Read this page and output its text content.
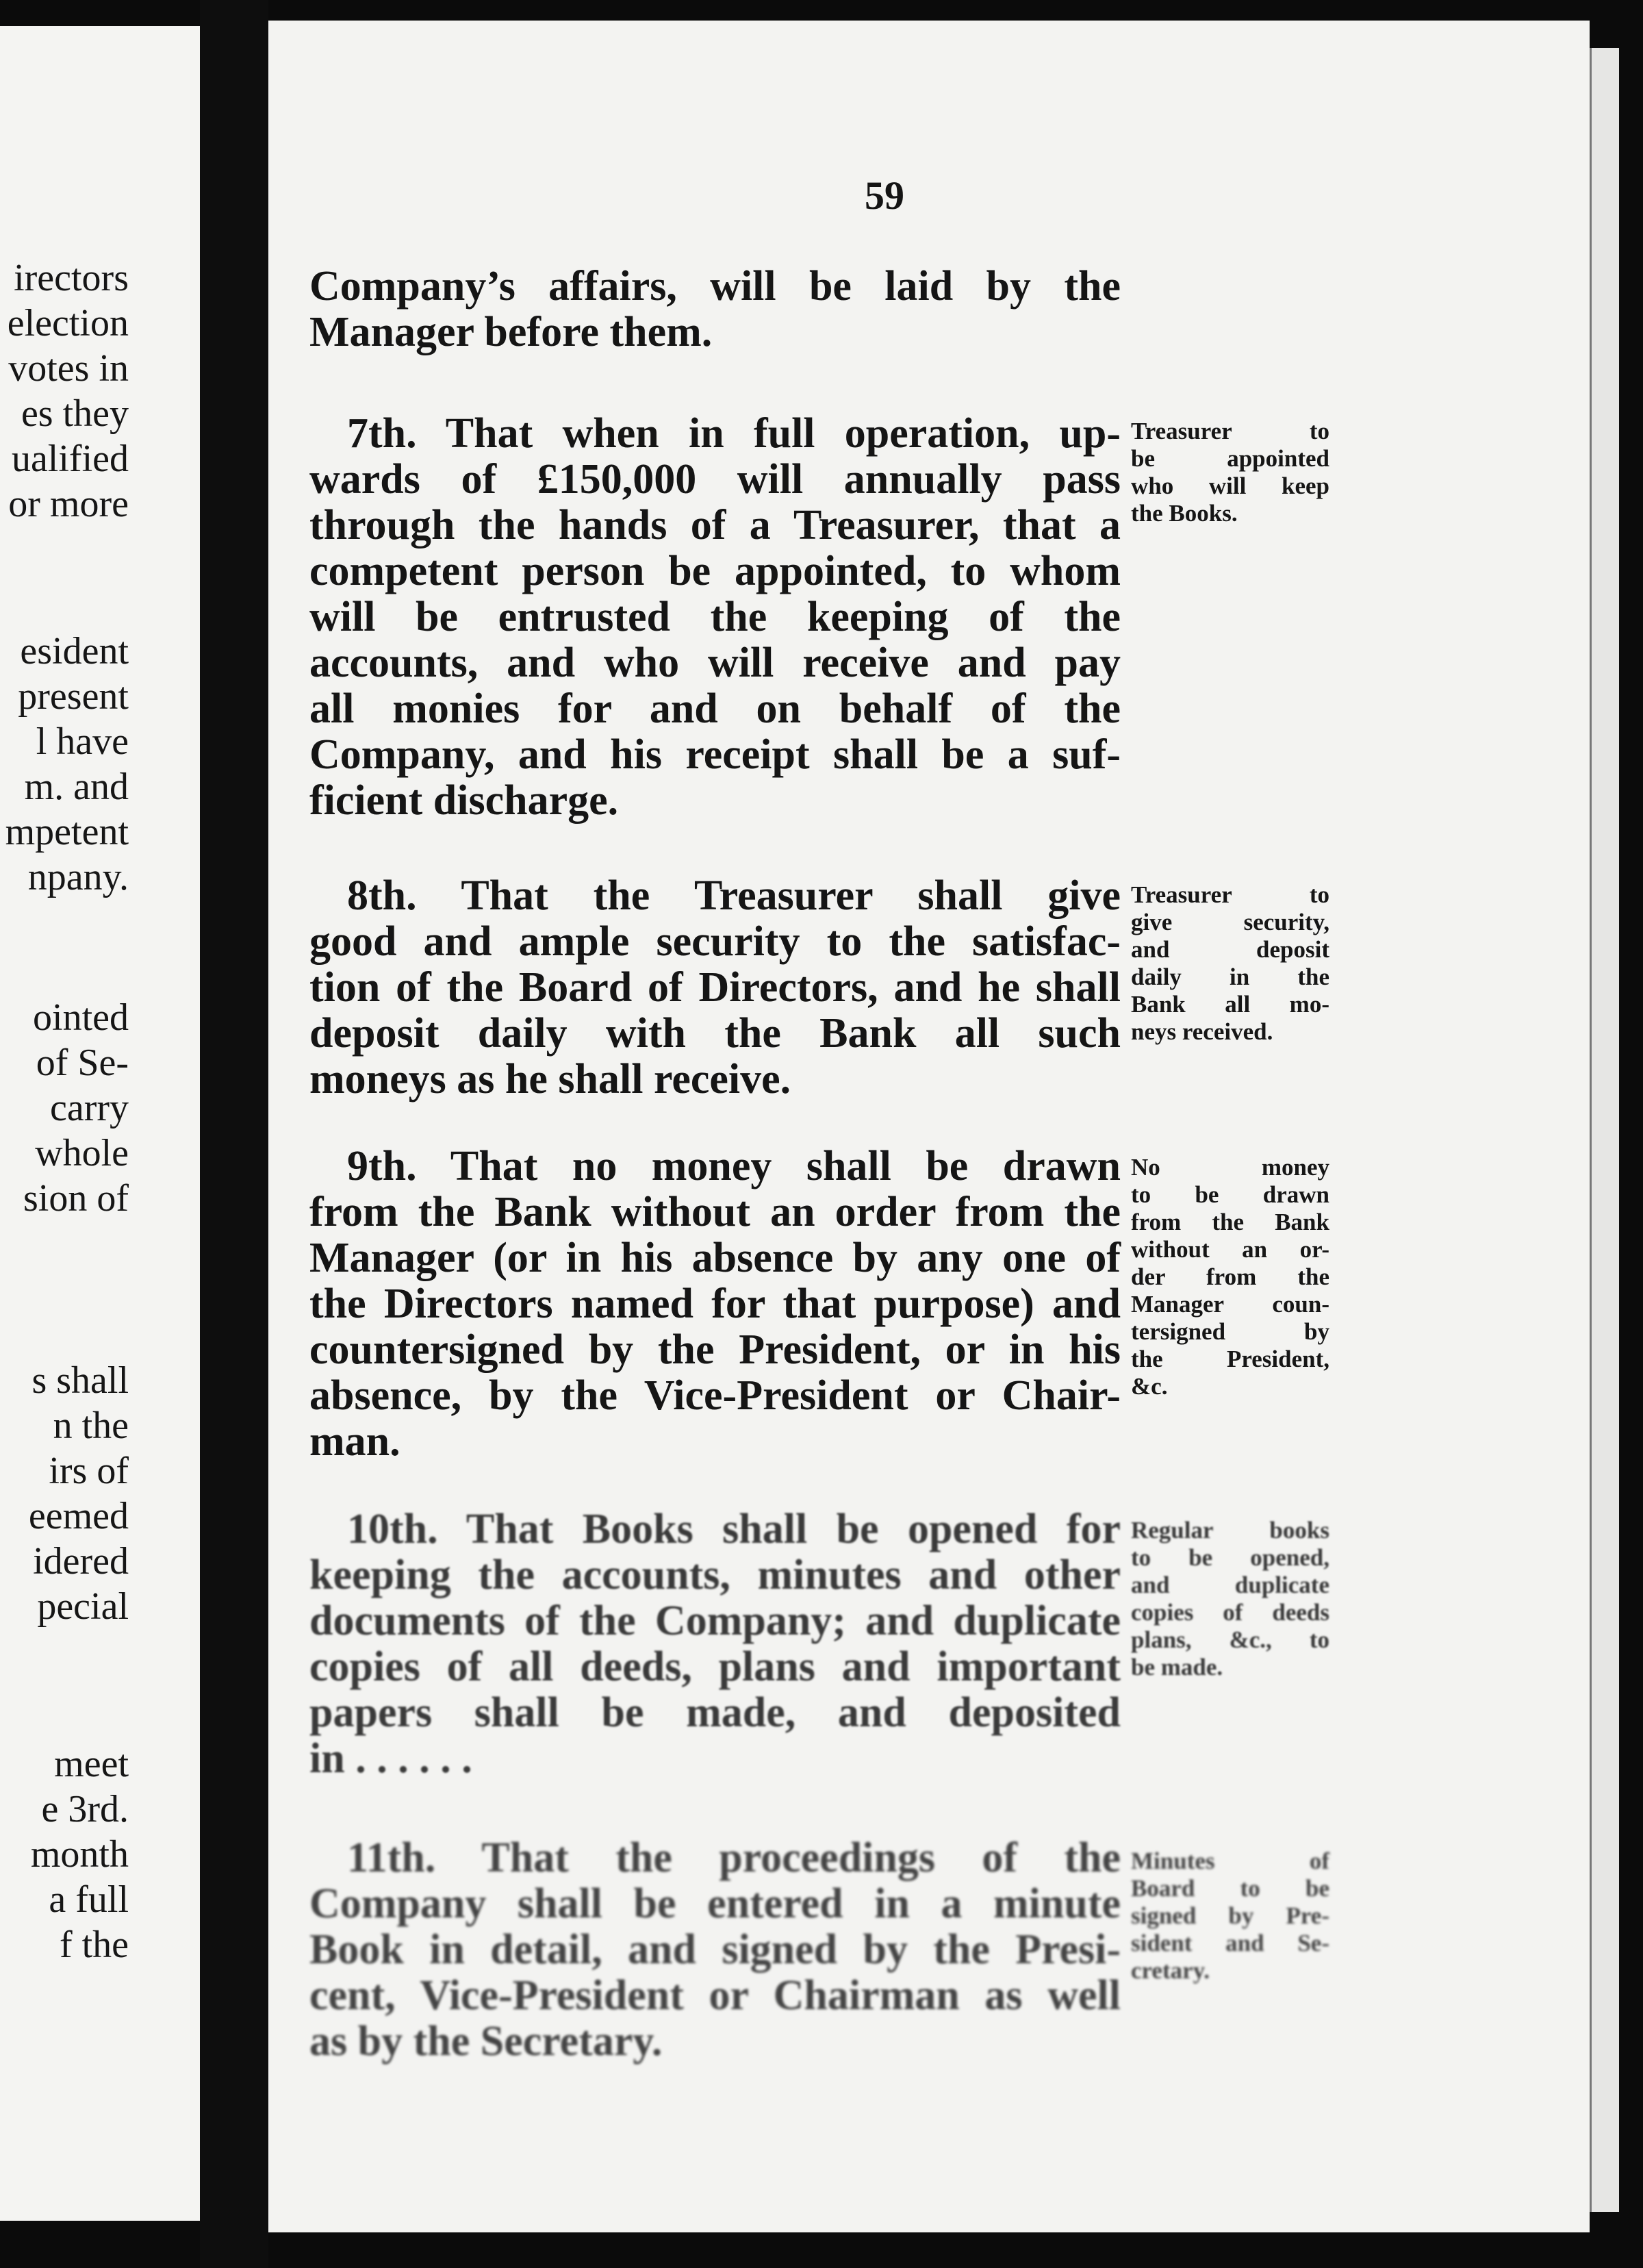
irectors
election
votes in
es they
ualified
or more
esident
present
l have
m. and
mpetent
npany.
ointed
of Se-
carry
whole
sion of
s shall
n the
irs of
eemed
idered
pecial
meet
e 3rd.
month
a full
f the
59
Company’s affairs, will be laid by the
Manager before them.
7th. That when in full operation, up-
wards of £150,000 will annually pass
through the hands of a Treasurer, that a
competent person be appointed, to whom
will be entrusted the keeping of the
accounts, and who will receive and pay
all monies for and on behalf of the
Company, and his receipt shall be a suf-
ficient discharge.
Treasurer to
be appointed
who will keep
the Books.
8th. That the Treasurer shall give
good and ample security to the satisfac-
tion of the Board of Directors, and he shall
deposit daily with the Bank all such
moneys as he shall receive.
Treasurer to
give security,
and deposit
daily in the
Bank all mo-
neys received.
9th. That no money shall be drawn
from the Bank without an order from the
Manager (or in his absence by any one of
the Directors named for that purpose) and
countersigned by the President, or in his
absence, by the Vice-President or Chair-
man.
No money
to be drawn
from the Bank
without an or-
der from the
Manager coun-
tersigned by
the President,
&c.
10th. That Books shall be opened for
keeping the accounts, minutes and other
documents of the Company; and duplicate
copies of all deeds, plans and important
papers shall be made, and deposited
in . . . . . .
Regular books
to be opened,
and duplicate
copies of deeds
plans, &c., to
be made.
11th. That the proceedings of the
Company shall be entered in a minute
Book in detail, and signed by the Presi-
cent, Vice-President or Chairman as well
as by the Secretary.
Minutes of
Board to be
signed by Pre-
sident and Se-
cretary.
